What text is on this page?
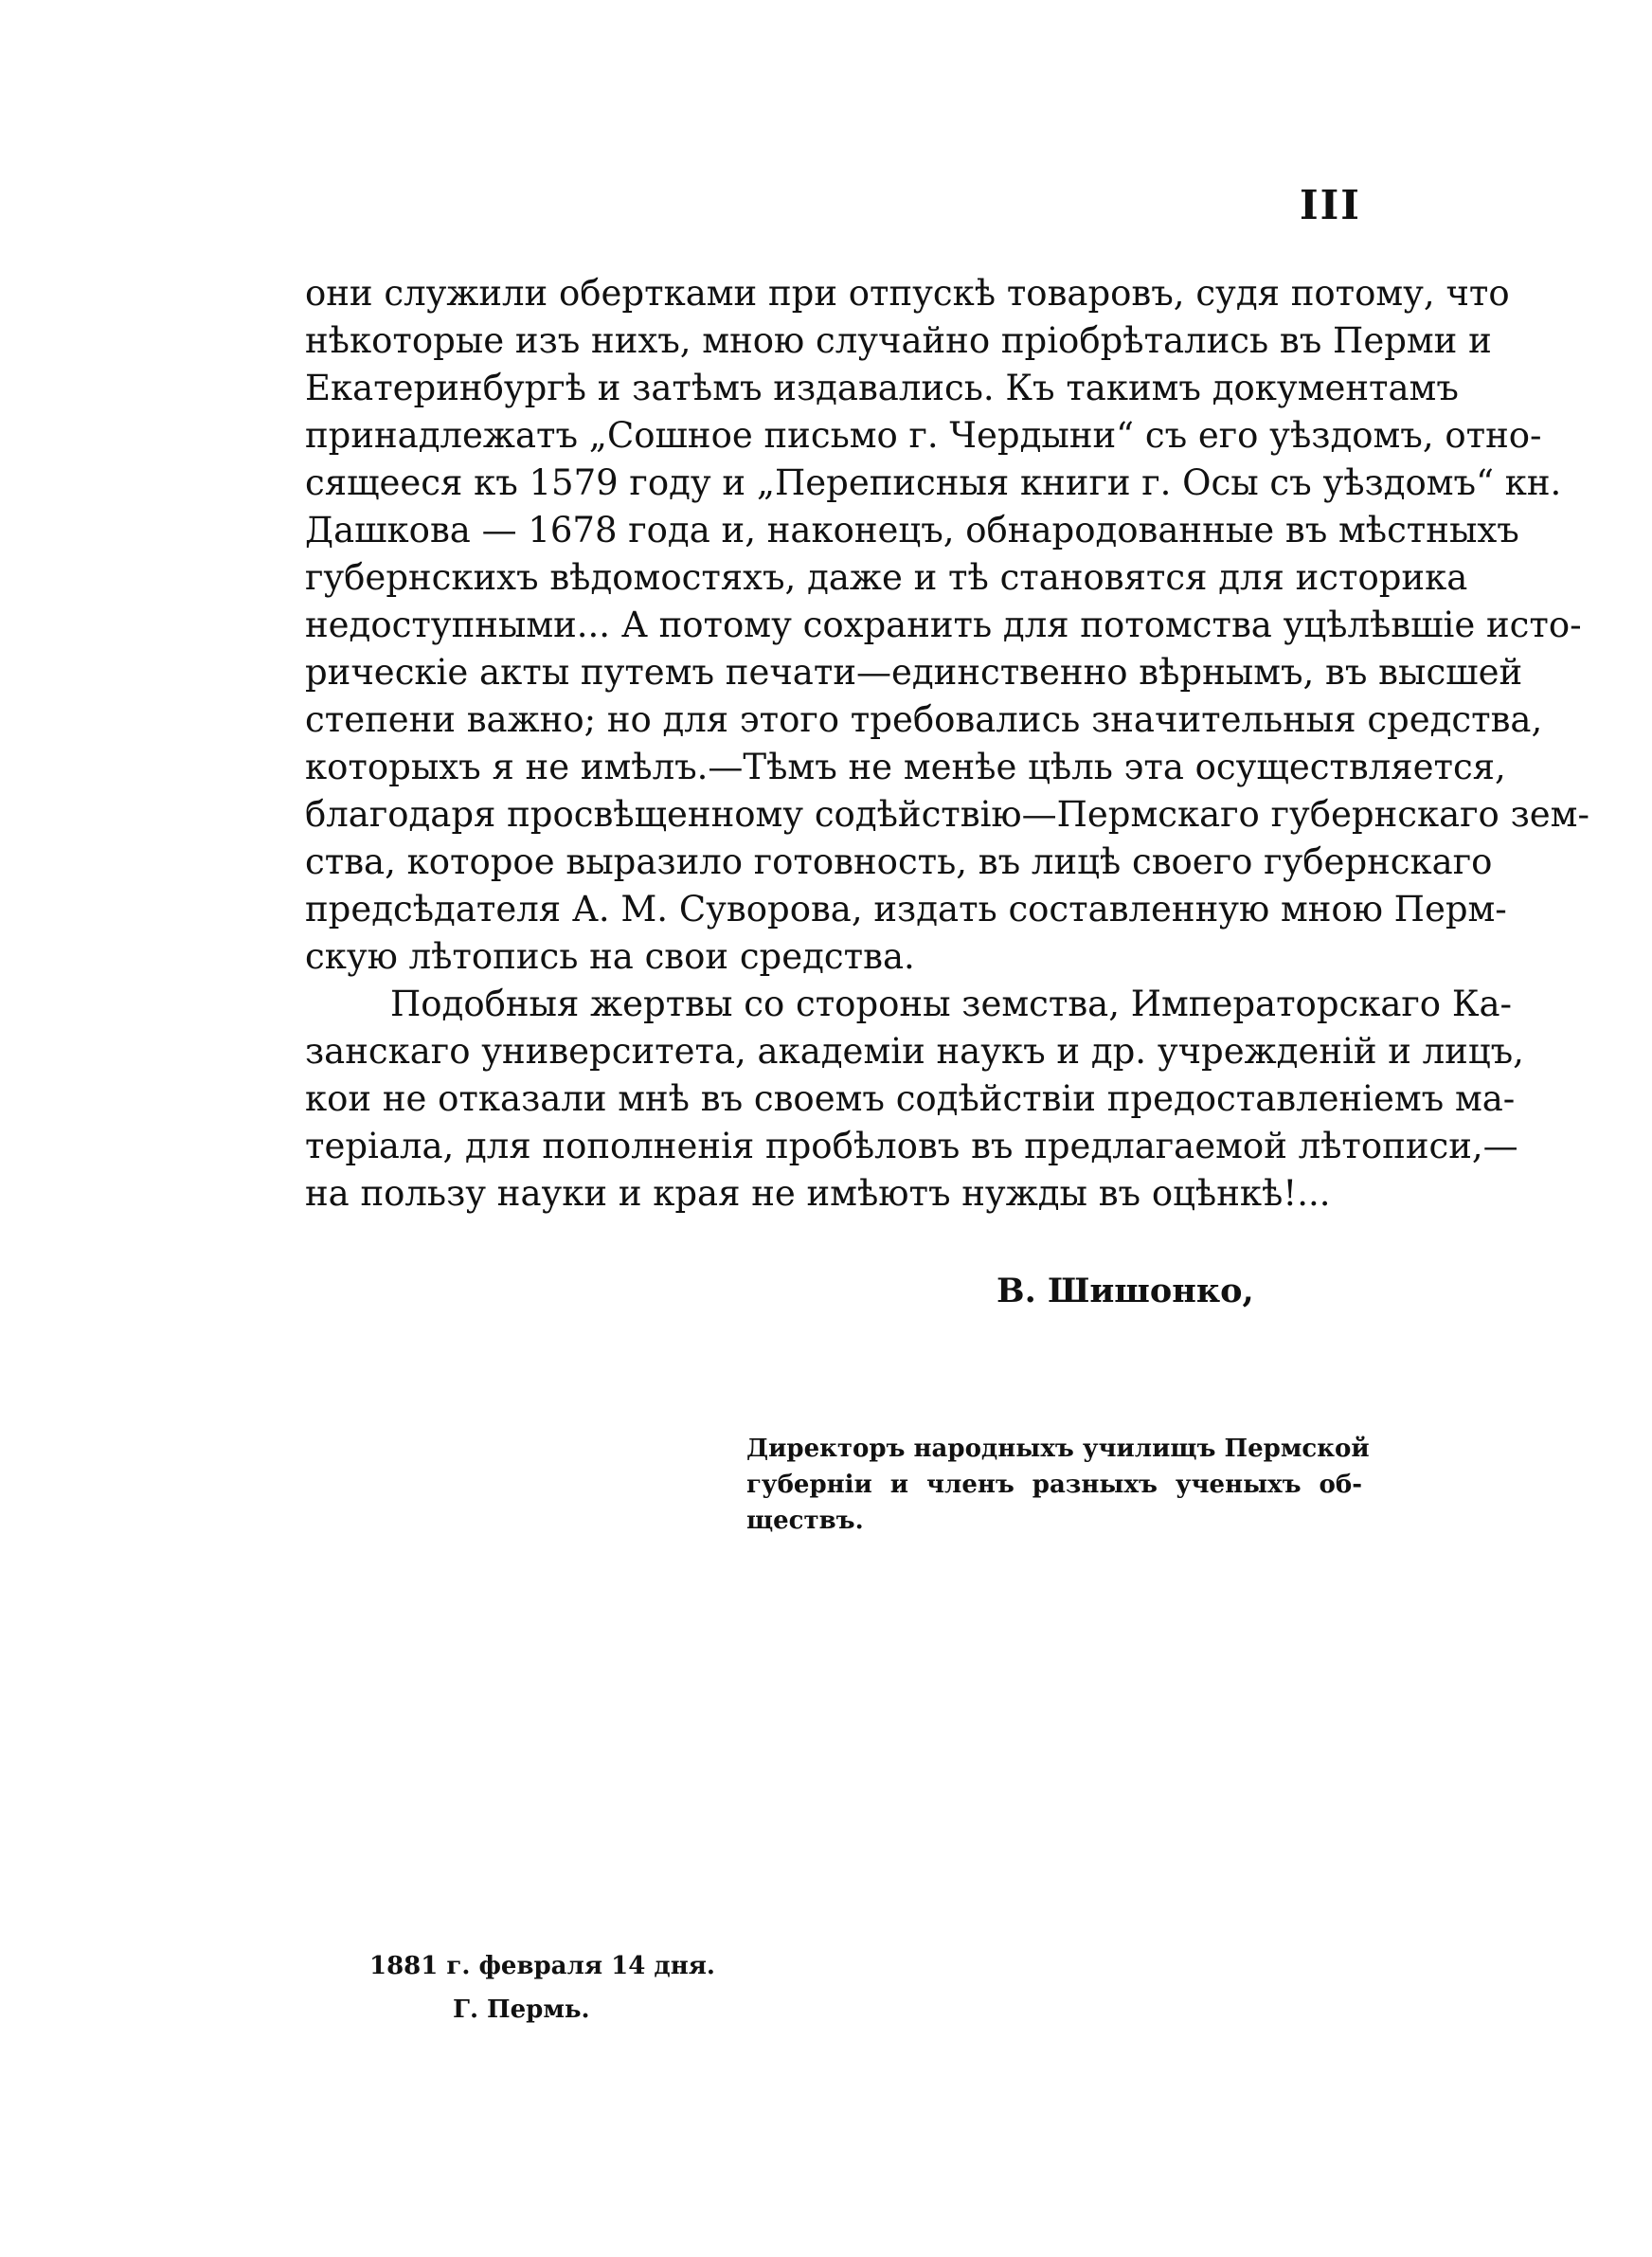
III
они служили обертками при отпускѣ товаровъ, судя потому, что
нѣкоторые изъ нихъ, мною случайно пріобрѣтались въ Перми и
Екатеринбургѣ и затѣмъ издавались. Къ такимъ документамъ
принадлежатъ „Сошное письмо г. Чердыни“ съ его уѣздомъ, отно-
сящееся къ 1579 году и „Переписныя книги г. Осы съ уѣздомъ“ кн.
Дашкова — 1678 года и, наконецъ, обнародованные въ мѣстныхъ
губернскихъ вѣдомостяхъ, даже и тѣ становятся для историка
недоступными... А потому сохранить для потомства уцѣлѣвшіе исто-
рическіе акты путемъ печати—единственно вѣрнымъ, въ высшей
степени важно; но для этого требовались значительныя средства,
которыхъ я не имѣлъ.—Тѣмъ не менѣе цѣль эта осуществляется,
благодаря просвѣщенному содѣйствію—Пермскаго губернскаго зем-
ства, которое выразило готовность, въ лицѣ своего губернскаго
предсѣдателя А. М. Суворова, издать составленную мною Перм-
скую лѣтопись на свои средства.
Подобныя жертвы со стороны земства, Императорскаго Ка-
занскаго университета, академіи наукъ и др. учрежденій и лицъ,
кои не отказали мнѣ въ своемъ содѣйствіи предоставленіемъ ма-
теріала, для пополненія пробѣловъ въ предлагаемой лѣтописи,—
на пользу науки и края не имѣютъ нужды въ оцѣнкѣ!...
В. Шишонко,
Директоръ народныхъ училищъ Пермской
губерніи и членъ разныхъ ученыхъ об-
ществъ.
1881 г. февраля 14 дня.
Г. Пермь.
